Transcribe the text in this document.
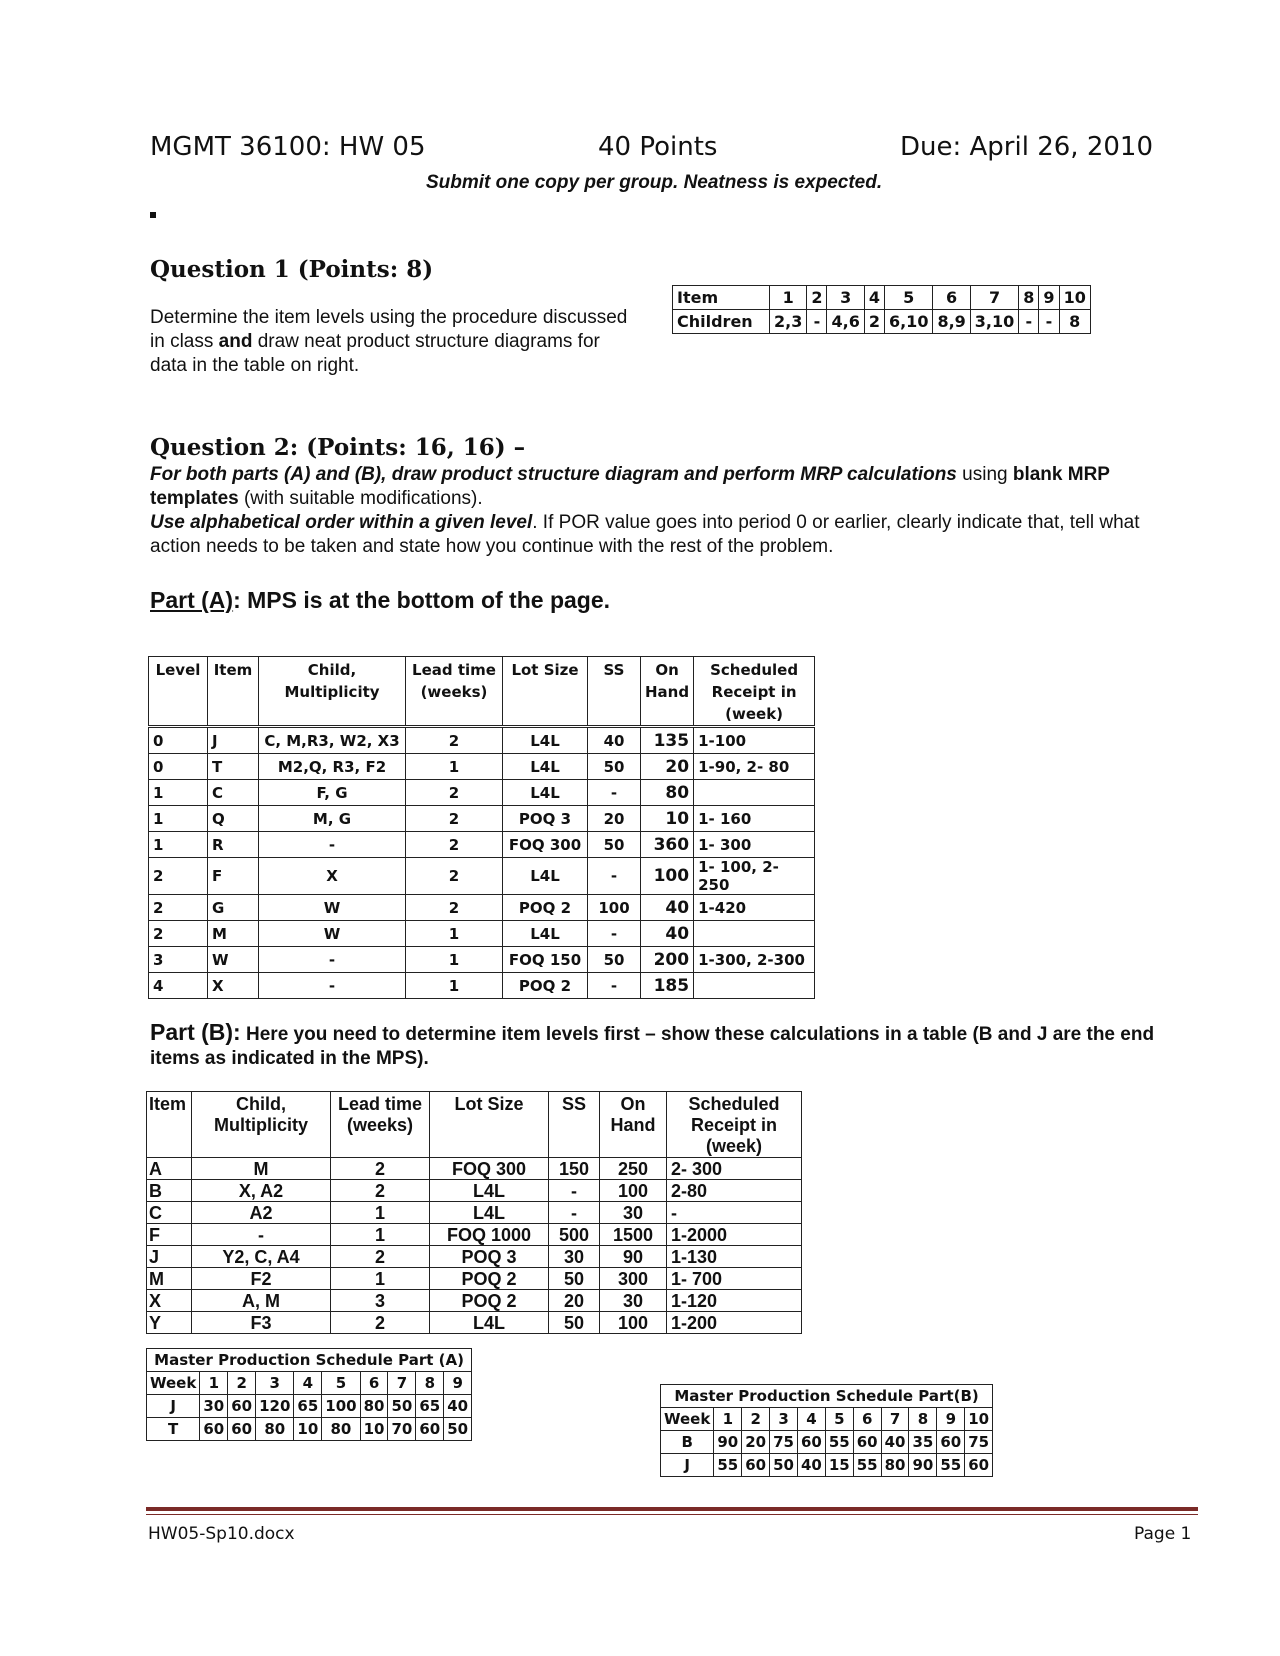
MGMT 36100: HW 05	40 Points	Due: April 26, 2010
Submit one copy per group. Neatness is expected.
Question 1 (Points: 8)
Determine the item levels using the procedure discussed in class and draw neat product structure diagrams for data in the table on right.
Item	1	2	3	4	5	6	7	8	9	10
Children	2,3	-	4,6	2	6,10	8,9	3,10	-	-	8
Question 2: (Points: 16, 16) –
For both parts (A) and (B), draw product structure diagram and perform MRP calculations using blank MRP templates (with suitable modifications).
Use alphabetical order within a given level. If POR value goes into period 0 or earlier, clearly indicate that, tell what action needs to be taken and state how you continue with the rest of the problem.
Part (A): MPS is at the bottom of the page.
Level	Item	Child, Multiplicity	Lead time (weeks)	Lot Size	SS	On Hand	Scheduled Receipt in (week)
0	J	C, M,R3, W2, X3	2	L4L	40	135	1-100
0	T	M2,Q, R3, F2	1	L4L	50	20	1-90, 2- 80
1	C	F, G	2	L4L	-	80	
1	Q	M, G	2	POQ 3	20	10	1- 160
1	R	-	2	FOQ 300	50	360	1- 300
2	F	X	2	L4L	-	100	1- 100, 2- 250
2	G	W	2	POQ 2	100	40	1-420
2	M	W	1	L4L	-	40	
3	W	-	1	FOQ 150	50	200	1-300, 2-300
4	X	-	1	POQ 2	-	185	
Part (B): Here you need to determine item levels first – show these calculations in a table (B and J are the end items as indicated in the MPS).
Item	Child, Multiplicity	Lead time (weeks)	Lot Size	SS	On Hand	Scheduled Receipt in (week)
A	M	2	FOQ 300	150	250	2- 300
B	X, A2	2	L4L	-	100	2-80
C	A2	1	L4L	-	30	-
F	-	1	FOQ 1000	500	1500	1-2000
J	Y2, C, A4	2	POQ 3	30	90	1-130
M	F2	1	POQ 2	50	300	1- 700
X	A, M	3	POQ 2	20	30	1-120
Y	F3	2	L4L	50	100	1-200
Master Production Schedule Part (A)									
Week	1	2	3	4	5	6	7	8	9
J	30	60	120	65	100	80	50	65	40
T	60	60	80	10	80	10	70	60	50
Master Production Schedule Part(B)										
Week	1	2	3	4	5	6	7	8	9	10
B	90	20	75	60	55	60	40	35	60	75
J	55	60	50	40	15	55	80	90	55	60
HW05-Sp10.docx	Page 1
